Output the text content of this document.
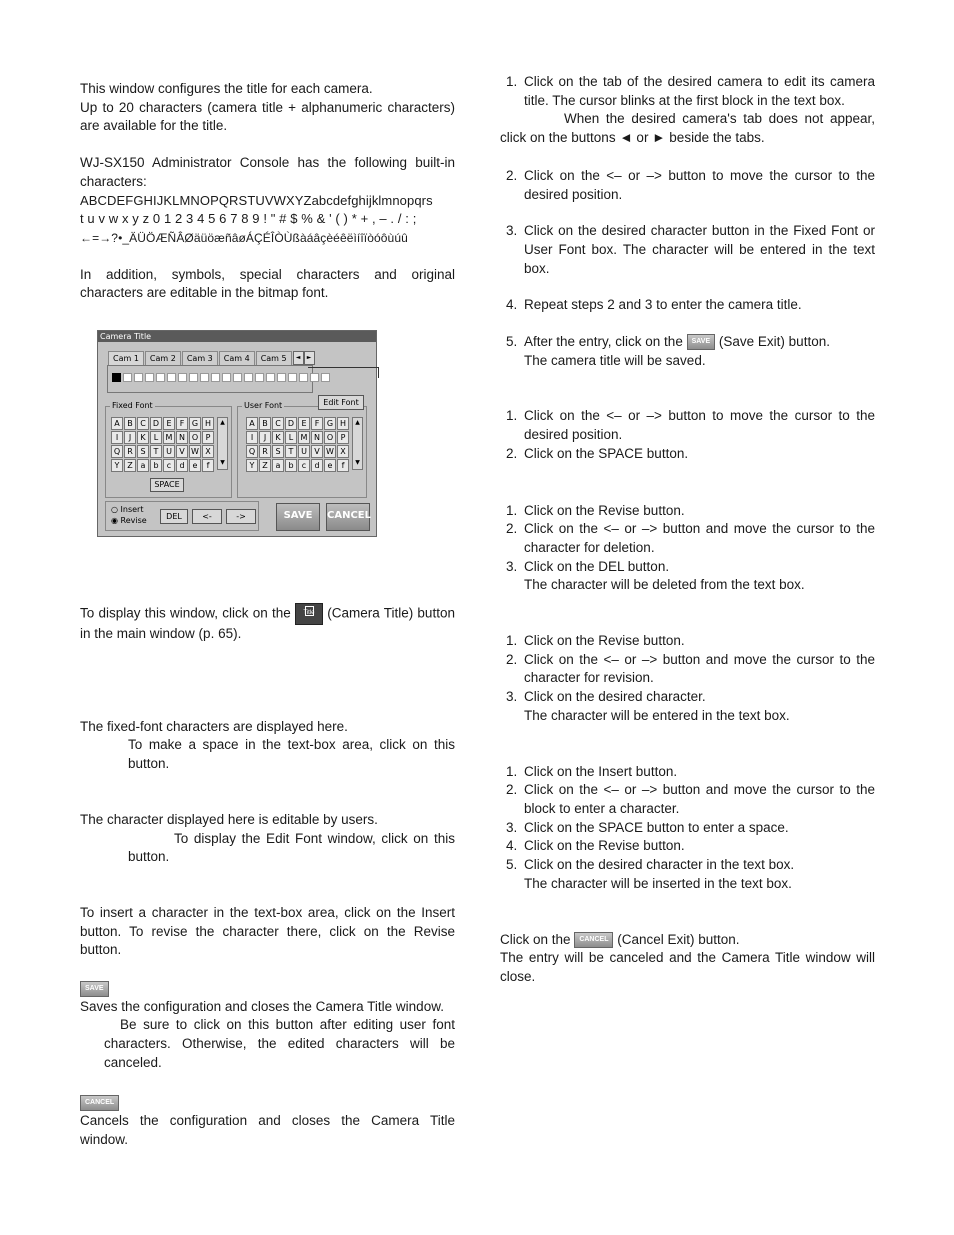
This window configures the title for each camera.

Up to 20 characters (camera title + alphanumeric characters) are available for the title.

WJ-SX150 Administrator Console has the following built-in characters:

ABCDEFGHIJKLMNOPQRSTUVWXYZabcdefghijklmnopqrs

t u v w x y z 0 1 2 3 4 5 6 7 8 9 ! " # $ % & ' ( ) * + , – . / : ;

←=→?•_ÄÜÖÆÑÂØäüöæñâøÁÇÉÎÒÙßàáâçèéêëìíîïòóôùúû

In addition, symbols, special characters and original characters are editable in the bitmap font.

To display this window, click on the	Title (Camera Title) button in the main window (p. 65).

The fixed-font characters are displayed here.

To make a space in the text-box area, click on this button.

The character displayed here is editable by users.

To display the Edit Font window, click on this button.

To insert a character in the text-box area, click on the Insert button. To revise the character there, click on the Revise button.

SAVE

Saves the configuration and closes the Camera Title window.

Be sure to click on this button after editing user font characters. Otherwise, the edited characters will be canceled.

CANCEL

Cancels the configuration and closes the Camera Title window.

Camera Title
Cam 1	Cam 2	Cam 3	Cam 4	Cam 5	◄	►
Fixed Font
A B C D E	F G H
I	J	K	L M N O P
Q R S	T U V W X
Y Z a	b	c	d	e	f
▲
▼
SPACE
User Font	Edit Font
A B C D E	F G H
I	J	K	L M N O P
Q R S	T U V W X
Y Z a	b	c	d	e	f
▲
▼
○ Insert
◉ Revise	DEL	<-	->	SAVE	CANCEL
1. Click on the tab of the desired camera to edit its camera title. The cursor blinks at the first block in the text box.

When the desired camera's tab does not appear, click on the buttons ◄ or ► beside the tabs.

2. Click on the <– or –> button to move the cursor to the desired position.
3. Click on the desired character button in the Fixed Font or User Font box. The character will be entered in the text box.
4. Repeat steps 2 and 3 to enter the camera title.
5. After the entry, click on the SAVE (Save Exit) button.
The camera title will be saved.
1. Click on the <– or –> button to move the cursor to the desired position.
2. Click on the SPACE button.
1. Click on the Revise button.
2. Click on the <– or –> button and move the cursor to the character for deletion.
3. Click on the DEL button.
The character will be deleted from the text box.
1. Click on the Revise button.
2. Click on the <– or –> button and move the cursor to the character for revision.
3. Click on the desired character.
The character will be entered in the text box.
1. Click on the Insert button.
2. Click on the <– or –> button and move the cursor to the block to enter a character.
3. Click on the SPACE button to enter a space.
4. Click on the Revise button.
5. Click on the desired character in the text box.
The character will be inserted in the text box.

Click on the CANCEL (Cancel Exit) button.

The entry will be canceled and the Camera Title window will close.
